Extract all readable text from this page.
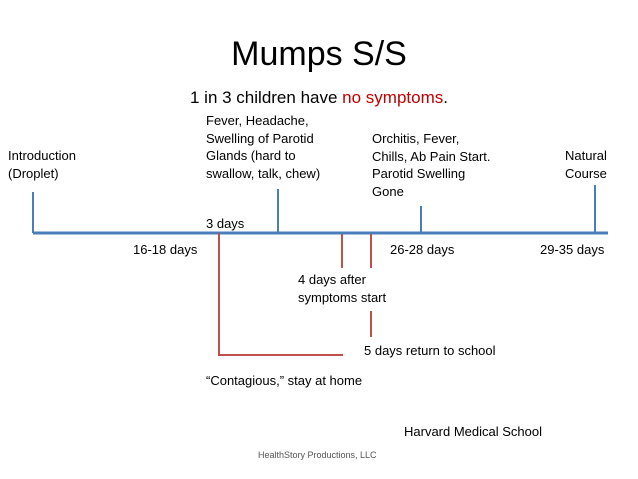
Mumps S/S
1 in 3 children have no symptoms.
Introduction
(Droplet)
Fever, Headache,
Swelling of Parotid
Glands (hard to
swallow, talk, chew)
Orchitis, Fever,
Chills, Ab Pain Start.
Parotid Swelling
Gone
Natural
Course
3 days
16-18 days	26-28 days	29-35 days
4 days after
symptoms start
5 days return to school
“Contagious,” stay at home
Harvard Medical School
HealthStory Productions, LLC
